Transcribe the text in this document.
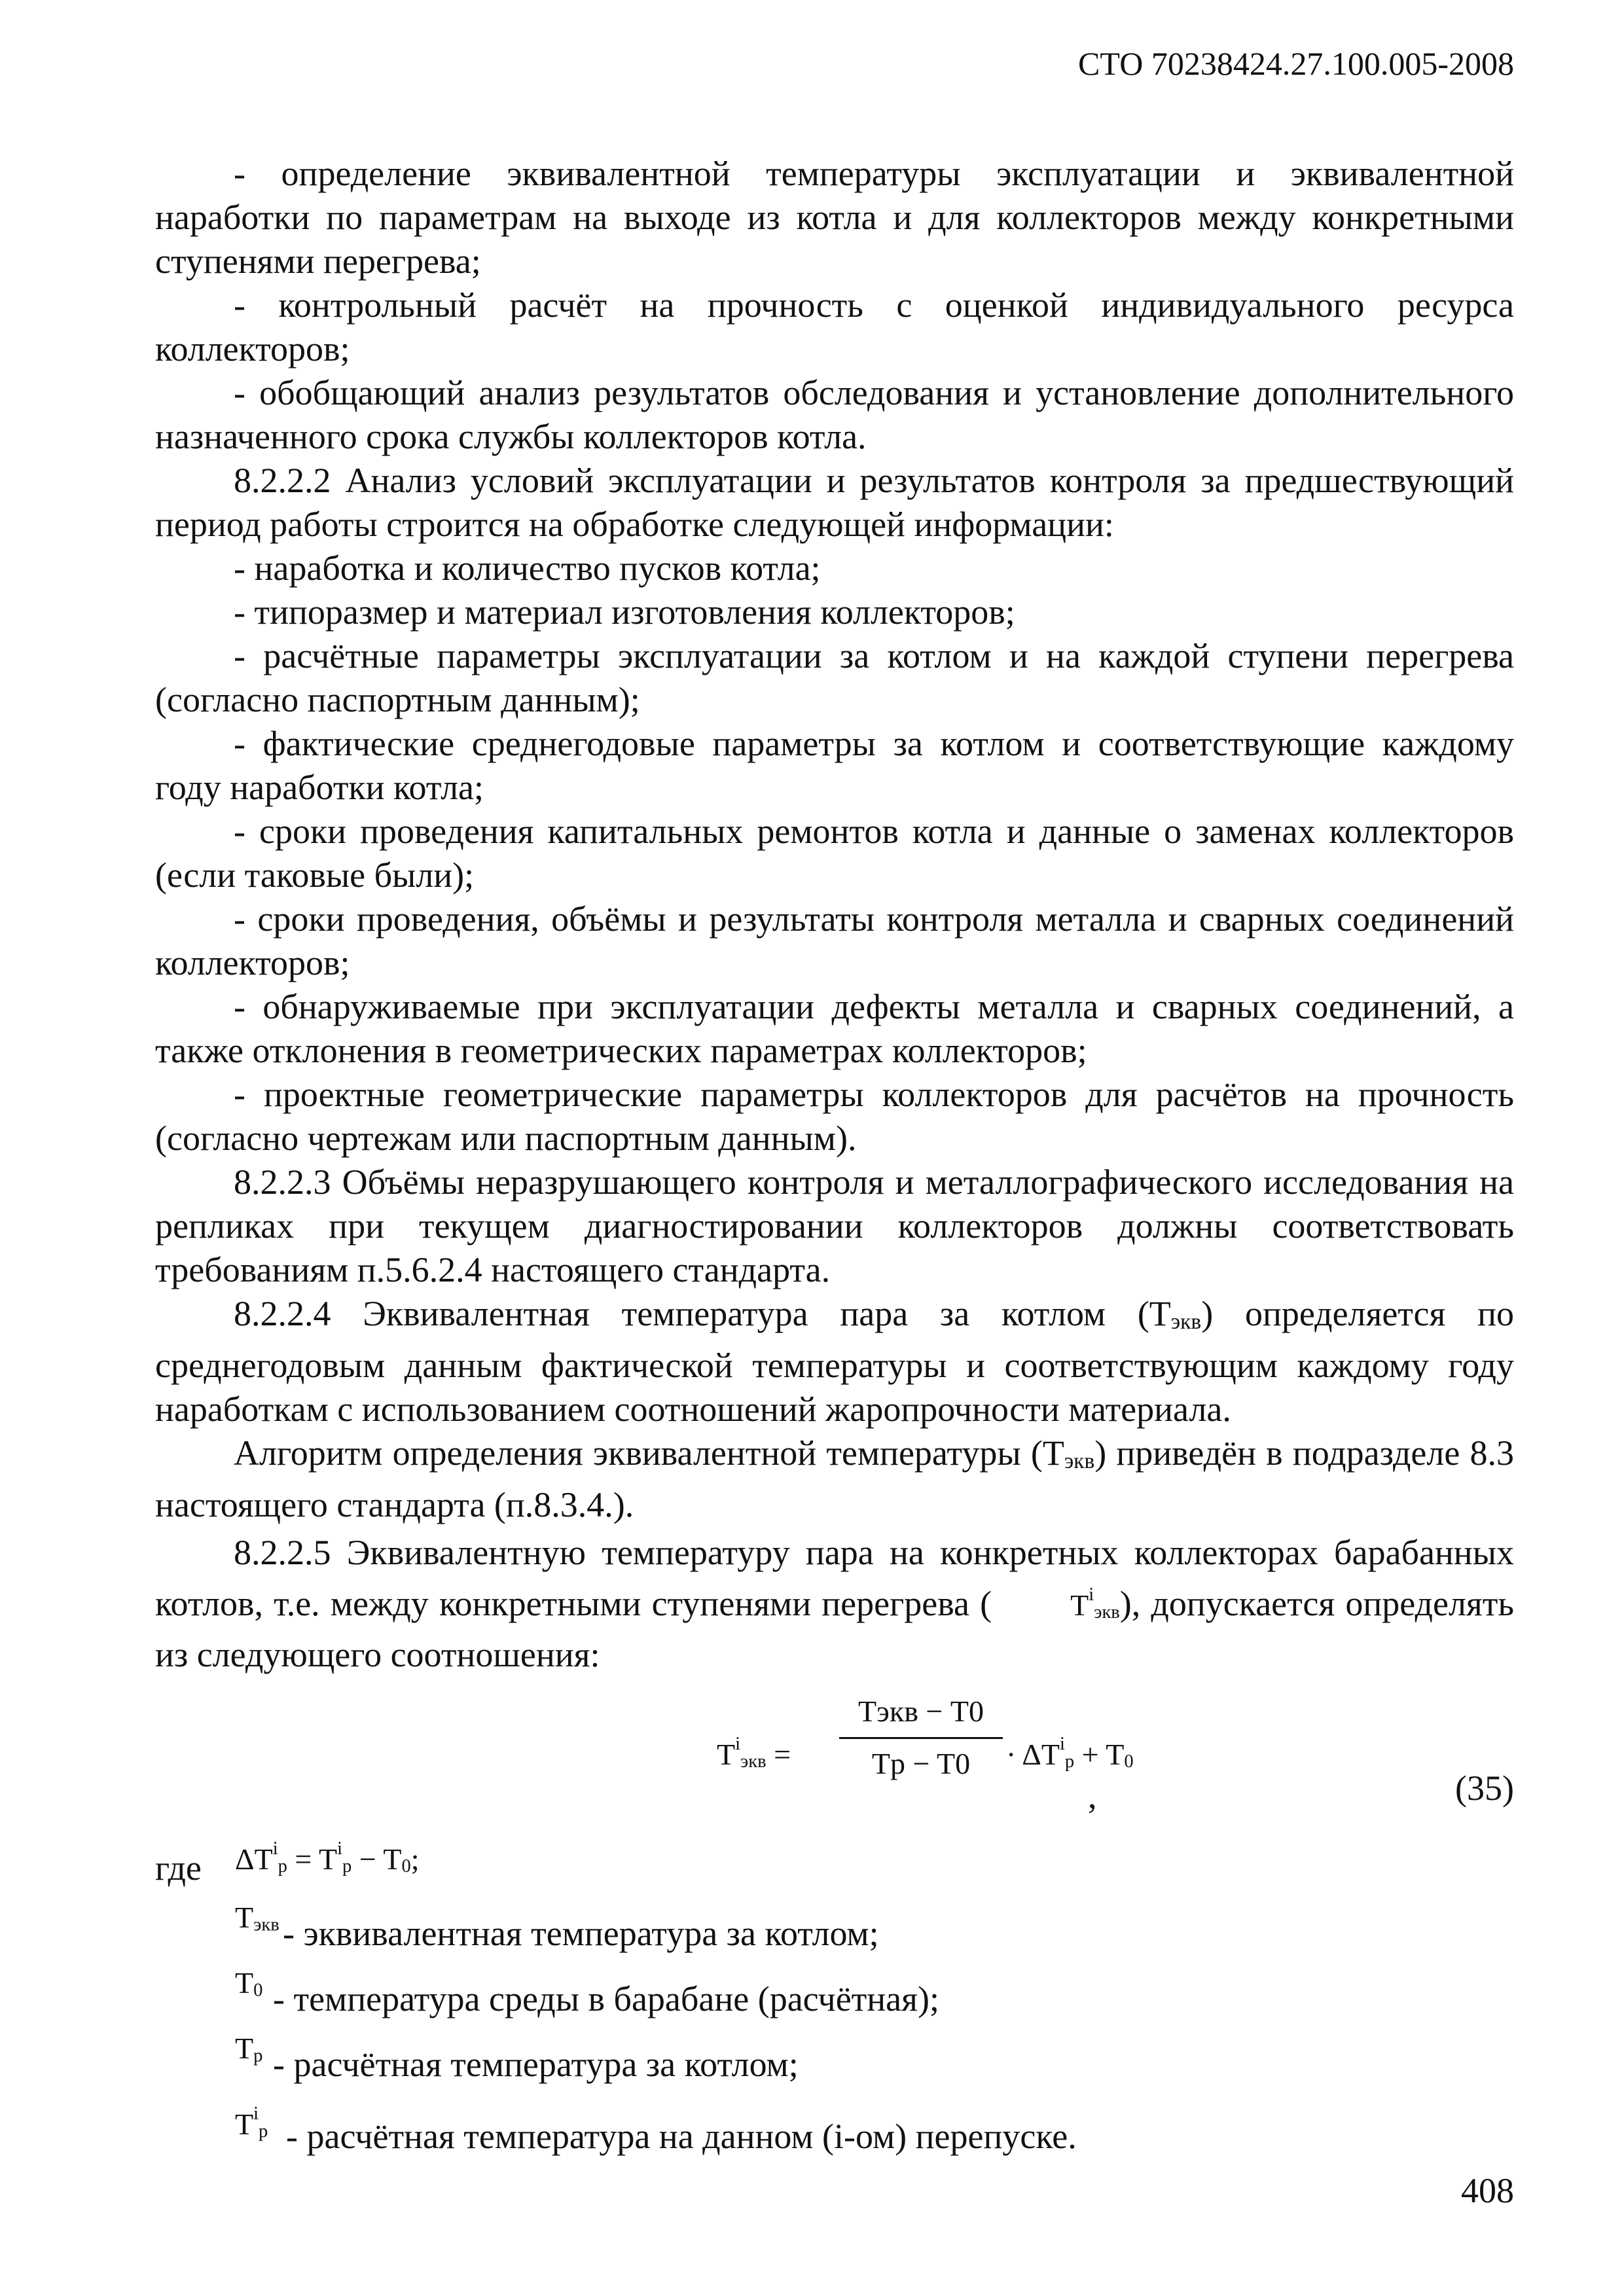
СТО 70238424.27.100.005-2008

- определение эквивалентной температуры эксплуатации и эквивалентной наработки по параметрам на выходе из котла и для коллекторов между конкретными ступенями перегрева;

- контрольный расчёт на прочность с оценкой индивидуального ресурса коллекторов;

- обобщающий анализ результатов обследования и установление дополнительного назначенного срока службы коллекторов котла.

8.2.2.2 Анализ условий эксплуатации и результатов контроля за предшествующий период работы строится на обработке следующей информации:

- наработка и количество пусков котла;

- типоразмер и материал изготовления коллекторов;

- расчётные параметры эксплуатации за котлом и на каждой ступени перегрева (согласно паспортным данным);

- фактические среднегодовые параметры за котлом и соответствующие каждому году наработки котла;

- сроки проведения капитальных ремонтов котла и данные о заменах коллекторов (если таковые были);

- сроки проведения, объёмы и результаты контроля металла и сварных соединений коллекторов;

- обнаруживаемые при эксплуатации дефекты металла и сварных соединений, а также отклонения в геометрических параметрах коллекторов;

- проектные геометрические параметры коллекторов для расчётов на прочность (согласно чертежам или паспортным данным).

8.2.2.3 Объёмы неразрушающего контроля и металлографического исследования на репликах при текущем диагностировании коллекторов должны соответствовать требованиям п.5.6.2.4 настоящего стандарта.

8.2.2.4 Эквивалентная температура пара за котлом (Тэкв) определяется по среднегодовым данным фактической температуры и соответствующим каждому году наработкам с использованием соотношений жаропрочности материала.

Алгоритм определения эквивалентной температуры (Тэкв) приведён в подразделе 8.3 настоящего стандарта (п.8.3.4.).

8.2.2.5 Эквивалентную температуру пара на конкретных коллекторах барабанных котлов, т.е. между конкретными ступенями перегрева (	$T^iэкв$), допускается определять из следующего соотношения:

$T^iэкв$ =
Tэкв − T0
Tp − T0	· $\Delta T^ip + T0$
,	(35)
где $\Delta T^ip = T^ip - T0$;
Tэкв - эквивалентная температура за котлом;
T0 - температура среды в барабане (расчётная);
Tp - расчётная температура за котлом;
$T^ip$ - расчётная температура на данном (i-ом) перепуске.
408
